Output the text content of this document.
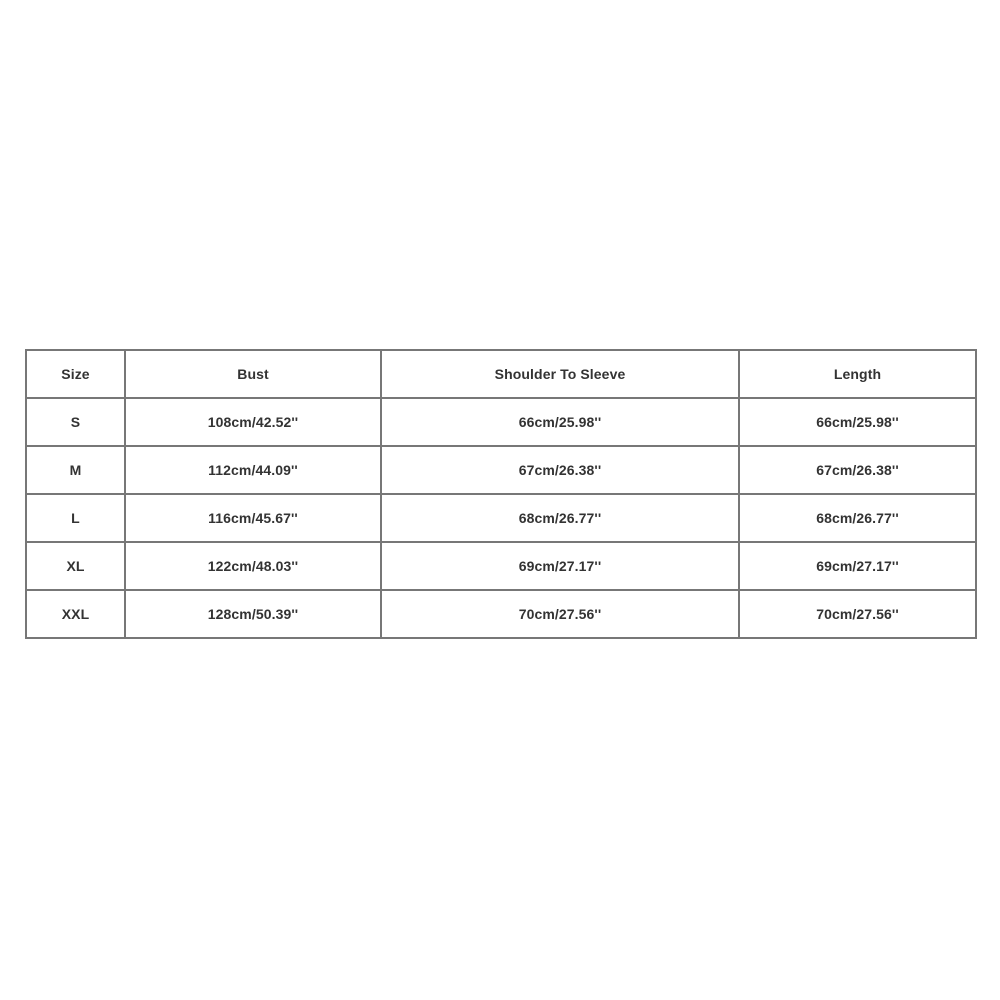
Size	Bust	Shoulder To Sleeve	Length
S	108cm/42.52''	66cm/25.98''	66cm/25.98''
M	112cm/44.09''	67cm/26.38''	67cm/26.38''
L	116cm/45.67''	68cm/26.77''	68cm/26.77''
XL	122cm/48.03''	69cm/27.17''	69cm/27.17''
XXL	128cm/50.39''	70cm/27.56''	70cm/27.56''
